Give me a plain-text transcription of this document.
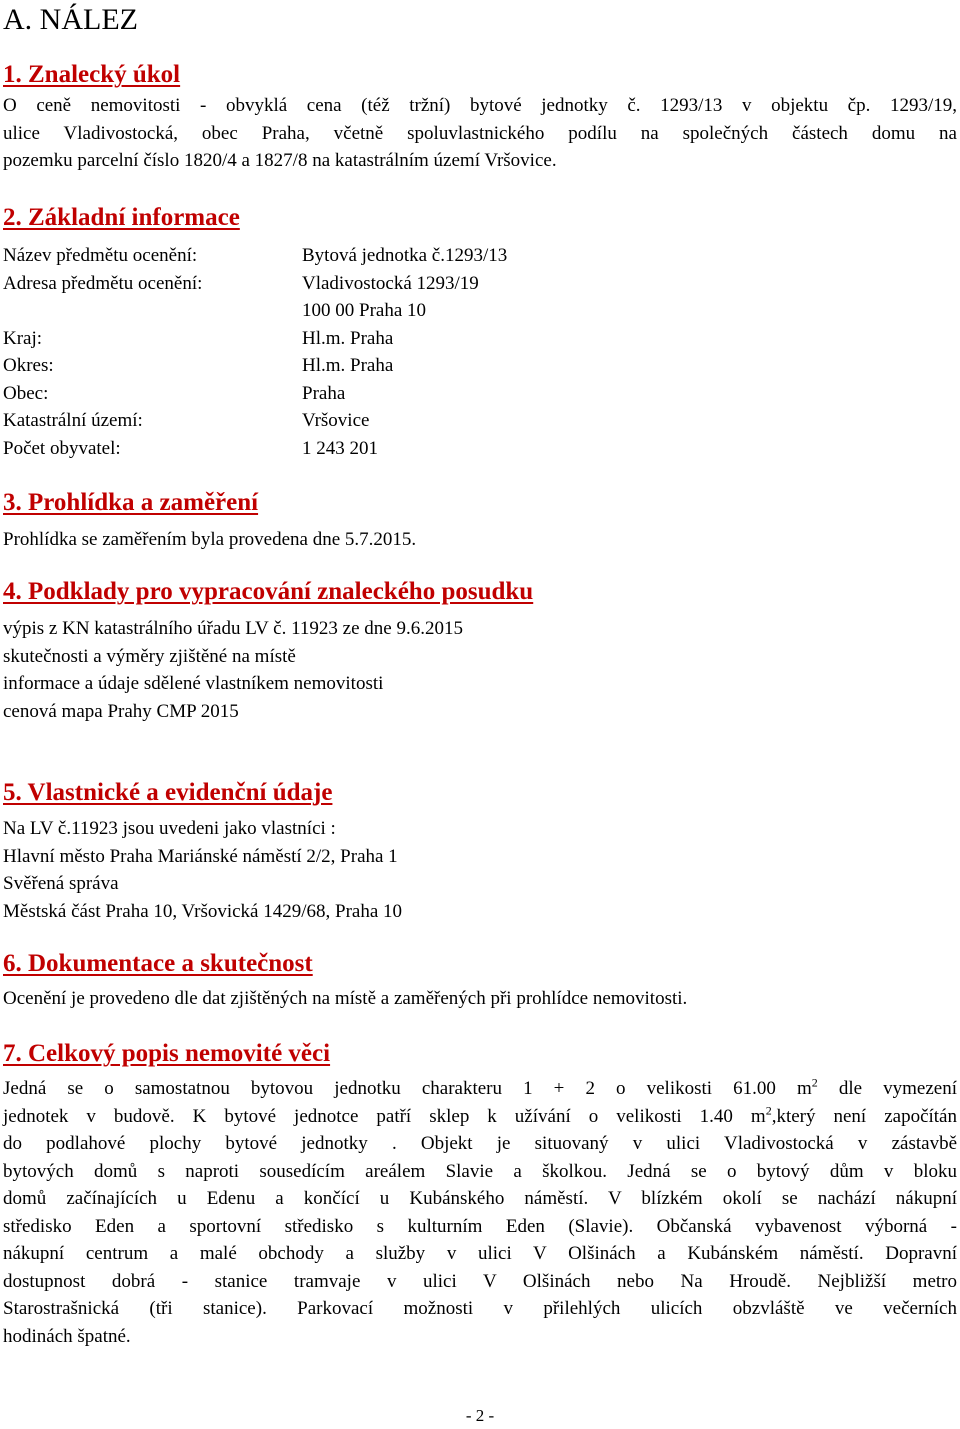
A. NÁLEZ
1. Znalecký úkol
O ceně nemovitosti - obvyklá cena (též tržní) bytové jednotky č. 1293/13 v objektu čp. 1293/19,
ulice Vladivostocká, obec Praha, včetně spoluvlastnického podílu na společných částech domu na
pozemku parcelní číslo 1820/4 a 1827/8 na katastrálním území Vršovice.
2. Základní informace
Název předmětu ocenění:	Bytová jednotka č.1293/13
Adresa předmětu ocenění:	Vladivostocká 1293/19
100 00 Praha 10
Kraj:	Hl.m. Praha
Okres:	Hl.m. Praha
Obec:	Praha
Katastrální území:	Vršovice
Počet obyvatel:	1 243 201
3. Prohlídka a zaměření
Prohlídka se zaměřením byla provedena dne 5.7.2015.
4. Podklady pro vypracování znaleckého posudku
výpis z KN katastrálního úřadu LV č. 11923 ze dne 9.6.2015
skutečnosti a výměry zjištěné na místě
informace a údaje sdělené vlastníkem nemovitosti
cenová mapa Prahy CMP 2015
5. Vlastnické a evidenční údaje
Na LV č.11923 jsou uvedeni jako vlastníci :
Hlavní město Praha Mariánské náměstí 2/2, Praha 1
Svěřená správa
Městská část Praha 10, Vršovická 1429/68, Praha 10
6. Dokumentace a skutečnost
Ocenění je provedeno dle dat zjištěných na místě a zaměřených při prohlídce nemovitosti.
7. Celkový popis nemovité věci
Jedná se o samostatnou bytovou jednotku charakteru 1 + 2 o velikosti 61.00 $m^2$ dle vymezení
jednotek v budově. K bytové jednotce patří sklep k užívání o velikosti 1.40 $m^2,který$ není započítán
do podlahové plochy bytové jednotky . Objekt je situovaný v ulici Vladivostocká v zástavbě
bytových domů s naproti sousedícím areálem Slavie a školkou. Jedná se o bytový dům v bloku
domů začínajících u Edenu a končící u Kubánského náměstí. V blízkém okolí se nachází nákupní
středisko Eden a sportovní středisko s kulturním Eden (Slavie). Občanská vybavenost výborná -
nákupní centrum a malé obchody a služby v ulici V Olšinách a Kubánském náměstí. Dopravní
dostupnost dobrá - stanice tramvaje v ulici V Olšinách nebo Na Hroudě. Nejbližší metro
Starostrašnická (tři stanice). Parkovací možnosti v přilehlých ulicích obzvláště ve večerních
hodinách špatné.
- 2 -
